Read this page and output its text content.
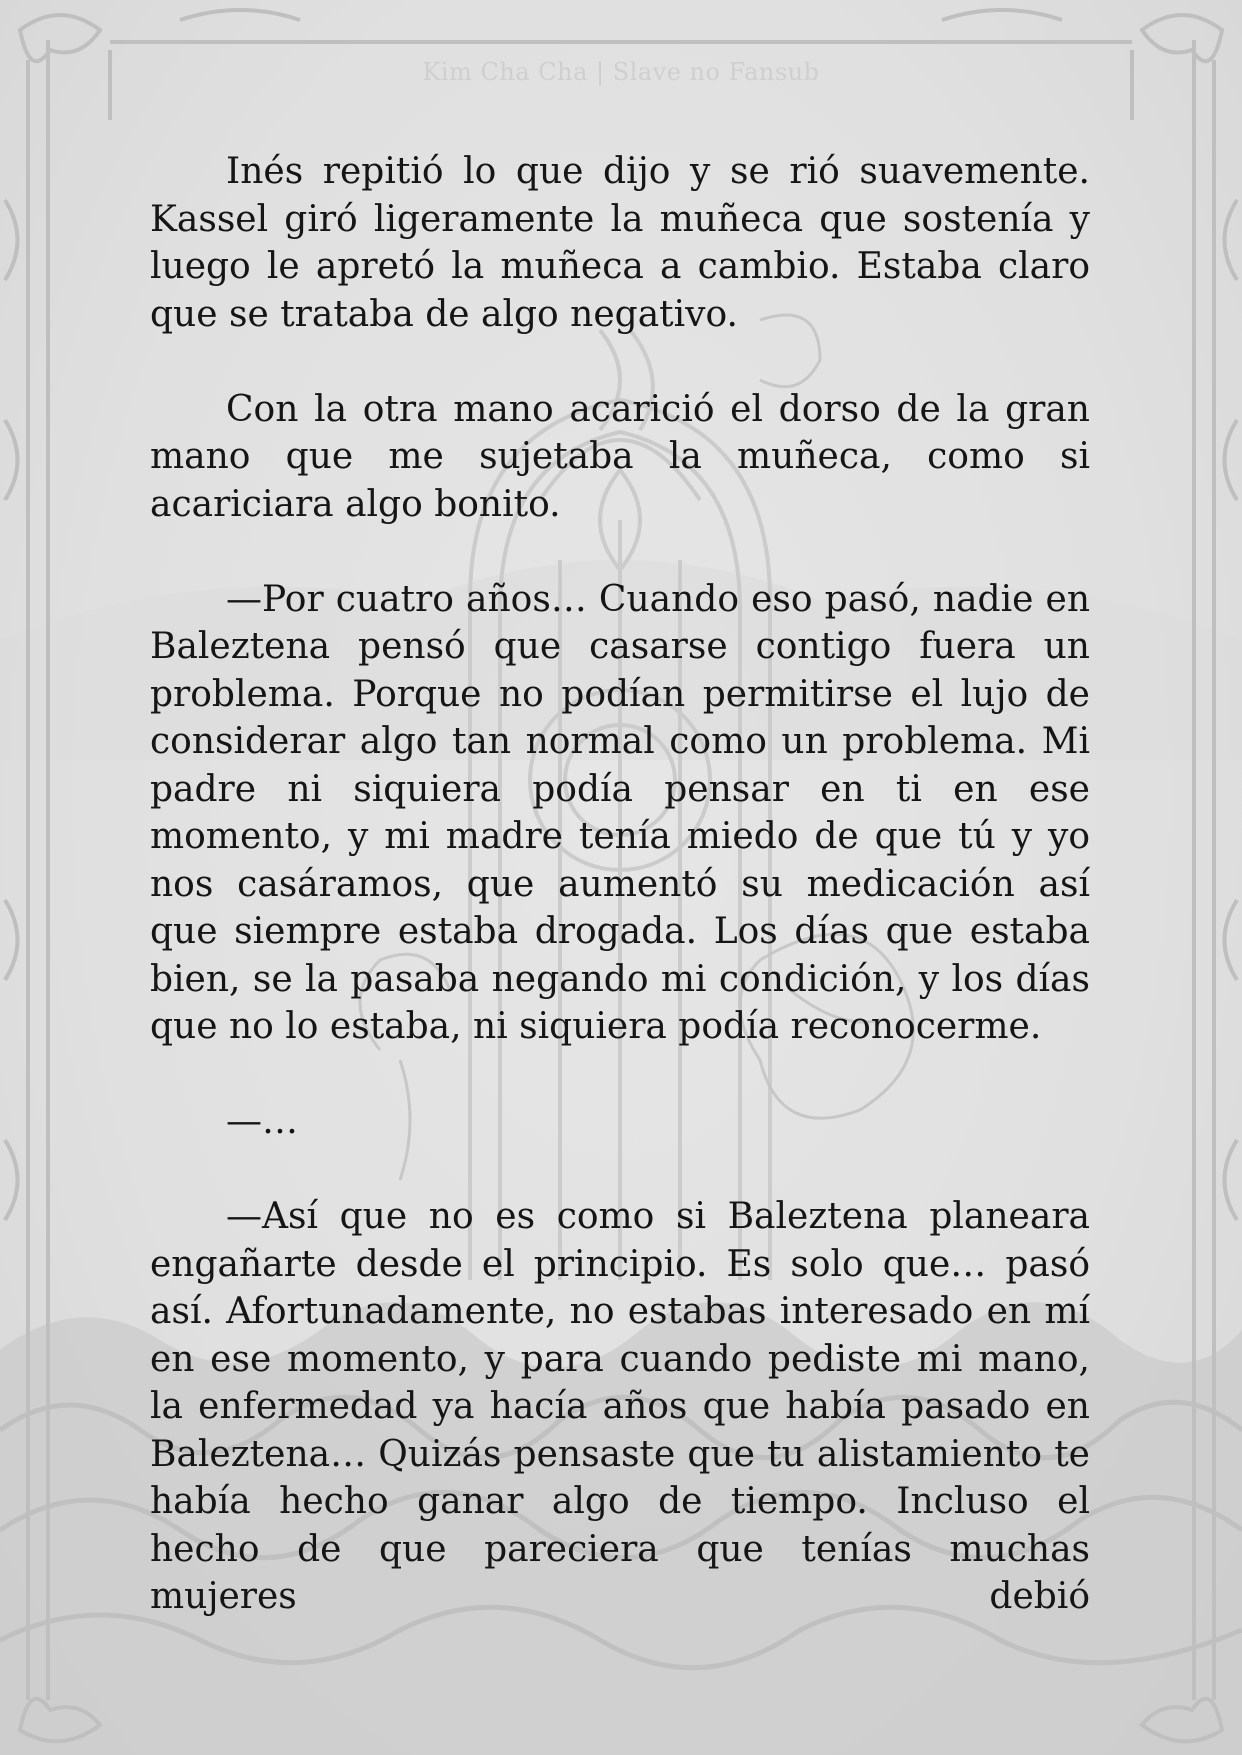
Kim Cha Cha | Slave no Fansub

Inés repitió lo que dijo y se rió suavemente. Kassel giró ligeramente la muñeca que sostenía y luego le apretó la muñeca a cambio. Estaba claro que se trataba de algo negativo.

Con la otra mano acarició el dorso de la gran mano que me sujetaba la muñeca, como si acariciara algo bonito.

—Por cuatro años… Cuando eso pasó, nadie en Baleztena pensó que casarse contigo fuera un problema. Porque no podían permitirse el lujo de considerar algo tan normal como un problema. Mi padre ni siquiera podía pensar en ti en ese momento, y mi madre tenía miedo de que tú y yo nos casáramos, que aumentó su medicación así que siempre estaba drogada. Los días que estaba bien, se la pasaba negando mi condición, y los días que no lo estaba, ni siquiera podía reconocerme.

—…

—Así que no es como si Baleztena planeara engañarte desde el principio. Es solo que… pasó así. Afortunadamente, no estabas interesado en mí en ese momento, y para cuando pediste mi mano, la enfermedad ya hacía años que había pasado en Baleztena… Quizás pensaste que tu alistamiento te había hecho ganar algo de tiempo. Incluso el hecho de que pareciera que tenías muchas mujeres debió
